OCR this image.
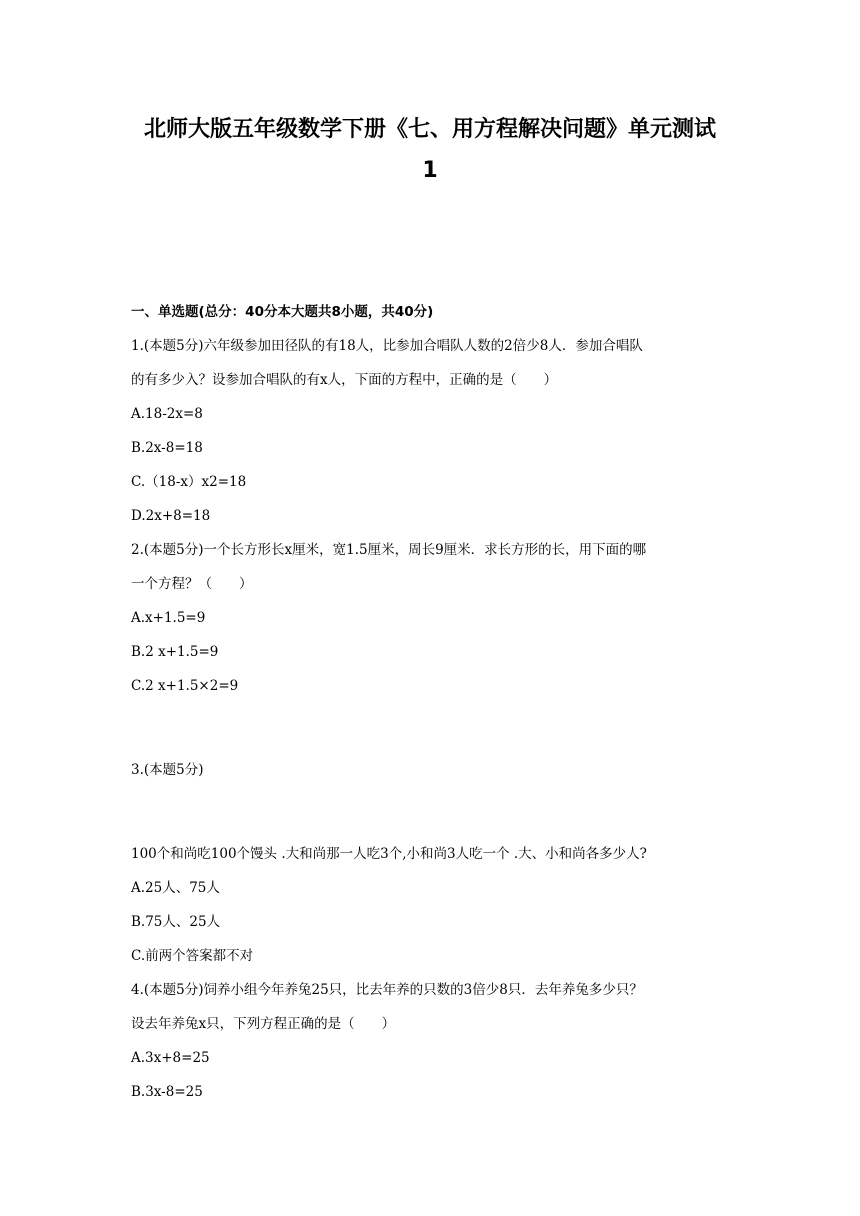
北师大版五年级数学下册《七、用方程解决问题》单元测试
1
一、单选题(总分：40分本大题共8小题，共40分)
1.(本题5分)六年级参加田径队的有18人，比参加合唱队人数的2倍少8人．参加合唱队
的有多少入？设参加合唱队的有x人，下面的方程中，正确的是（　　）
A.18-2x=8
B.2x-8=18
C.（18-x）x2=18
D.2x+8=18
2.(本题5分)一个长方形长x厘米，宽1.5厘米，周长9厘米．求长方形的长，用下面的哪
一个方程？（　　）
A.x+1.5=9
B.2 x+1.5=9
C.2 x+1.5×2=9
3.(本题5分)
100个和尚吃100个馒头 .大和尚那一人吃3个,小和尚3人吃一个 .大、小和尚各多少人?
A.25人、75人
B.75人、25人
C.前两个答案都不对
4.(本题5分)饲养小组今年养兔25只，比去年养的只数的3倍少8只．去年养兔多少只？
设去年养兔x只，下列方程正确的是（　　）
A.3x+8=25
B.3x-8=25
